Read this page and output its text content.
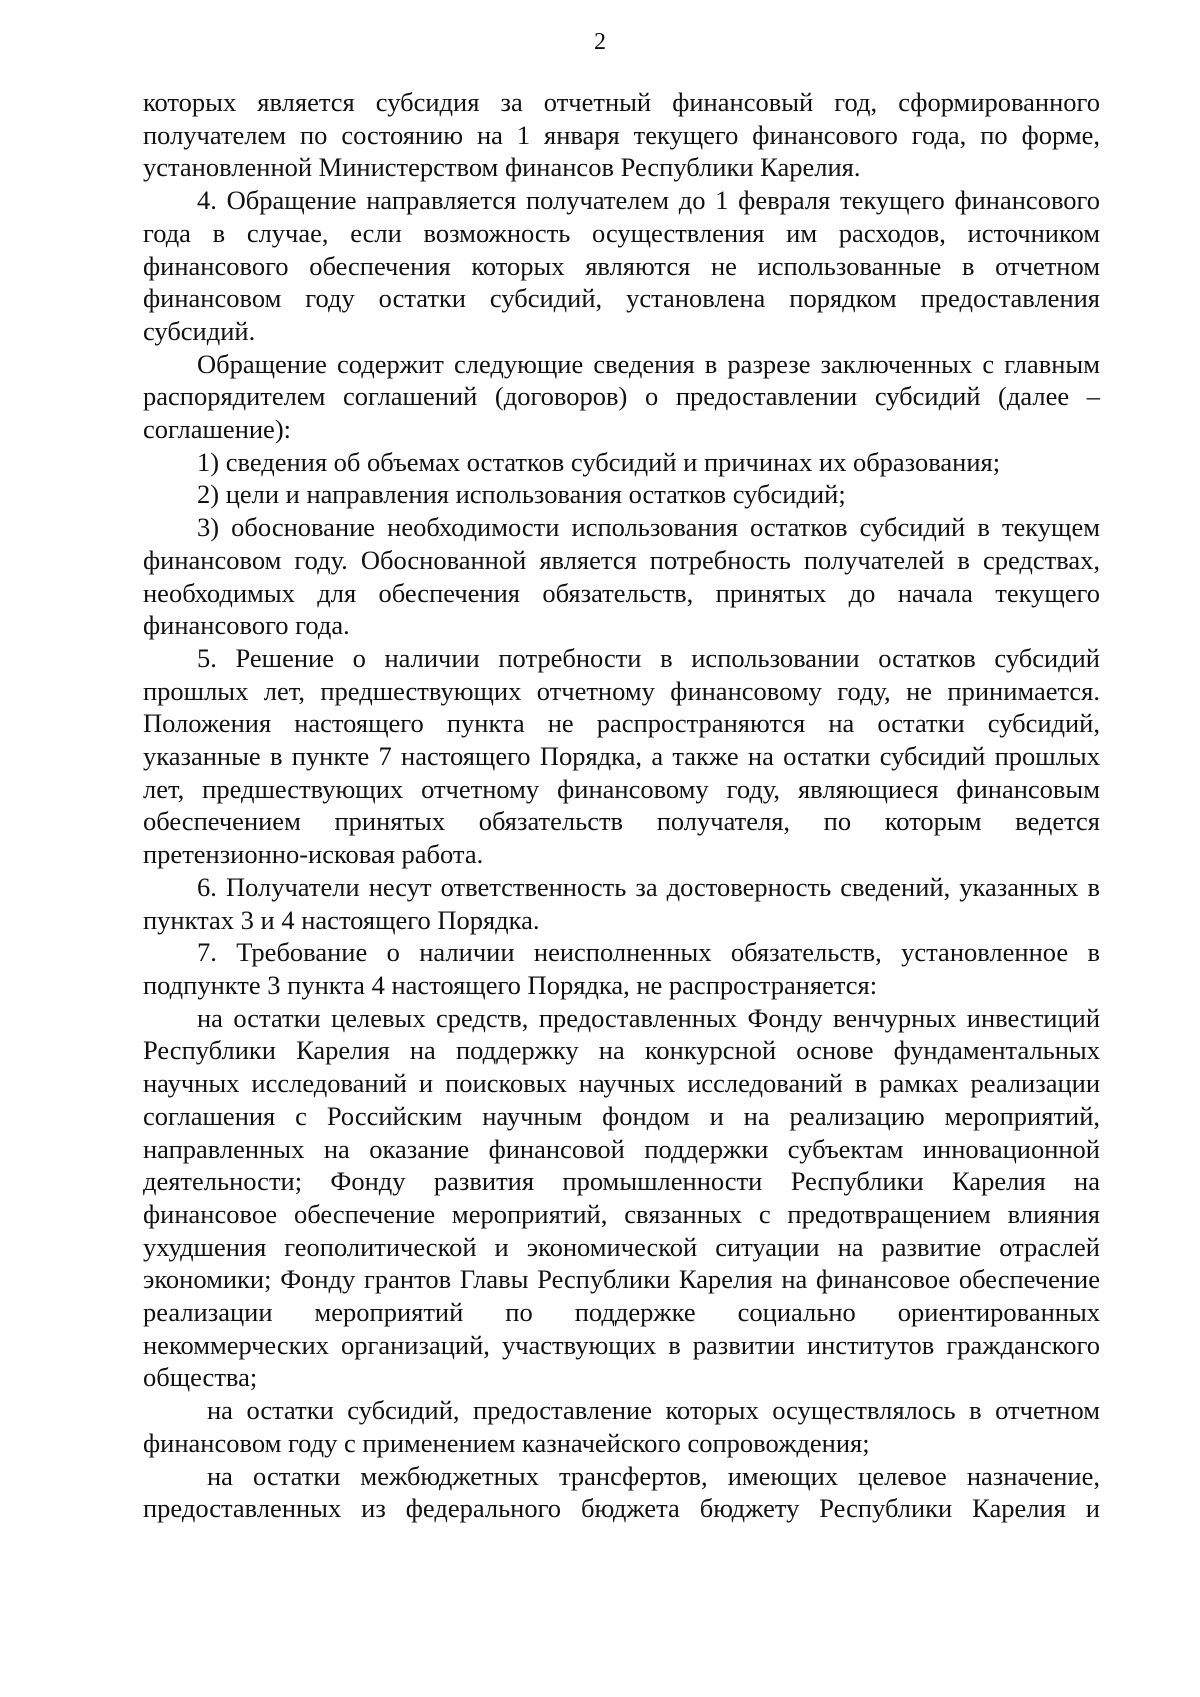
2

которых является субсидия за отчетный финансовый год, сформированного получателем по состоянию на 1 января текущего финансового года, по форме, установленной Министерством финансов Республики Карелия.

4. Обращение направляется получателем до 1 февраля текущего финансового года в случае, если возможность осуществления им расходов, источником финансового обеспечения которых являются не использованные в отчетном финансовом году остатки субсидий, установлена порядком предоставления субсидий.

Обращение содержит следующие сведения в разрезе заключенных с главным распорядителем соглашений (договоров) о предоставлении субсидий (далее – соглашение):

1) сведения об объемах остатков субсидий и причинах их образования;

2) цели и направления использования остатков субсидий;

3) обоснование необходимости использования остатков субсидий в текущем финансовом году. Обоснованной является потребность получателей в средствах, необходимых для обеспечения обязательств, принятых до начала текущего финансового года.

5. Решение о наличии потребности в использовании остатков субсидий прошлых лет, предшествующих отчетному финансовому году, не принимается. Положения настоящего пункта не распространяются на остатки субсидий, указанные в пункте 7 настоящего Порядка, а также на остатки субсидий прошлых лет, предшествующих отчетному финансовому году, являющиеся финансовым обеспечением принятых обязательств получателя, по которым ведется претензионно-исковая работа.

6. Получатели несут ответственность за достоверность сведений, указанных в пунктах 3 и 4 настоящего Порядка.

7. Требование о наличии неисполненных обязательств, установленное в подпункте 3 пункта 4 настоящего Порядка, не распространяется:

на остатки целевых средств, предоставленных Фонду венчурных инвестиций Республики Карелия на поддержку на конкурсной основе фундаментальных научных исследований и поисковых научных исследований в рамках реализации соглашения с Российским научным фондом и на реализацию мероприятий, направленных на оказание финансовой поддержки субъектам инновационной деятельности; Фонду развития промышленности Республики Карелия на финансовое обеспечение мероприятий, связанных с предотвращением влияния ухудшения геополитической и экономической ситуации на развитие отраслей экономики; Фонду грантов Главы Республики Карелия на финансовое обеспечение реализации мероприятий по поддержке социально ориентированных некоммерческих организаций, участвующих в развитии институтов гражданского общества;

на остатки субсидий, предоставление которых осуществлялось в отчетном финансовом году с применением казначейского сопровождения;

на остатки межбюджетных трансфертов, имеющих целевое назначение, предоставленных из федерального бюджета бюджету Республики Карелия и
